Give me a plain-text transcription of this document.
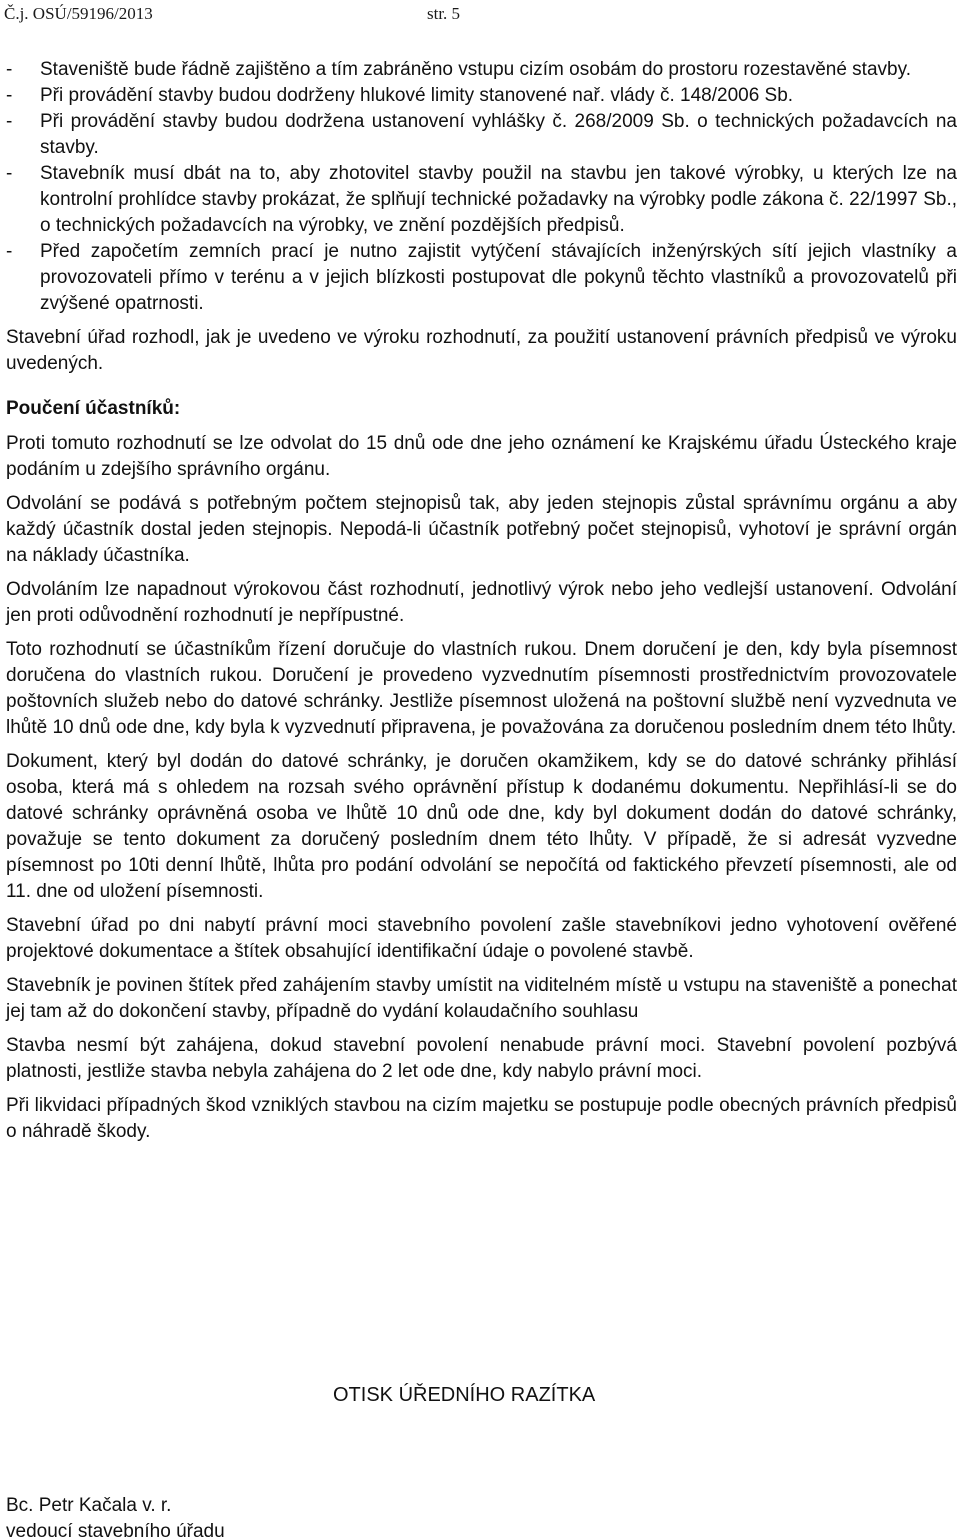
Č.j. OSÚ/59196/2013	str. 5
- Staveniště bude řádně zajištěno a tím zabráněno vstupu cizím osobám do prostoru rozestavěné stavby.
- Při provádění stavby budou dodrženy hlukové limity stanovené nař. vlády č. 148/2006 Sb.
- Při provádění stavby budou dodržena ustanovení vyhlášky č. 268/2009 Sb. o technických požadavcích na stavby.
- Stavebník musí dbát na to, aby zhotovitel stavby použil na stavbu jen takové výrobky, u kterých lze na kontrolní prohlídce stavby prokázat, že splňují technické požadavky na výrobky podle zákona č. 22/1997 Sb., o technických požadavcích na výrobky, ve znění pozdějších předpisů.
- Před započetím zemních prací je nutno zajistit vytýčení stávajících inženýrských sítí jejich vlastníky a provozovateli přímo v terénu a v jejich blízkosti postupovat dle pokynů těchto vlastníků a provozovatelů při zvýšené opatrnosti.

Stavební úřad rozhodl, jak je uvedeno ve výroku rozhodnutí, za použití ustanovení právních předpisů ve výroku uvedených.

Poučení účastníků:

Proti tomuto rozhodnutí se lze odvolat do 15 dnů ode dne jeho oznámení ke Krajskému úřadu Ústeckého kraje podáním u zdejšího správního orgánu.

Odvolání se podává s potřebným počtem stejnopisů tak, aby jeden stejnopis zůstal správnímu orgánu a aby každý účastník dostal jeden stejnopis. Nepodá-li účastník potřebný počet stejnopisů, vyhotoví je správní orgán na náklady účastníka.

Odvoláním lze napadnout výrokovou část rozhodnutí, jednotlivý výrok nebo jeho vedlejší ustanovení. Odvolání jen proti odůvodnění rozhodnutí je nepřípustné.

Toto rozhodnutí se účastníkům řízení doručuje do vlastních rukou. Dnem doručení je den, kdy byla písemnost doručena do vlastních rukou. Doručení je provedeno vyzvednutím písemnosti prostřednictvím provozovatele poštovních služeb nebo do datové schránky. Jestliže písemnost uložená na poštovní službě není vyzvednuta ve lhůtě 10 dnů ode dne, kdy byla k vyzvednutí připravena, je považována za doručenou posledním dnem této lhůty.

Dokument, který byl dodán do datové schránky, je doručen okamžikem, kdy se do datové schránky přihlásí osoba, která má s ohledem na rozsah svého oprávnění přístup k dodanému dokumentu. Nepřihlásí-li se do datové schránky oprávněná osoba ve lhůtě 10 dnů ode dne, kdy byl dokument dodán do datové schránky, považuje se tento dokument za doručený posledním dnem této lhůty. V případě, že si adresát vyzvedne písemnost po 10ti denní lhůtě, lhůta pro podání odvolání se nepočítá od faktického převzetí písemnosti, ale od 11. dne od uložení písemnosti.

Stavební úřad po dni nabytí právní moci stavebního povolení zašle stavebníkovi jedno vyhotovení ověřené projektové dokumentace a štítek obsahující identifikační údaje o povolené stavbě.

Stavebník je povinen štítek před zahájením stavby umístit na viditelném místě u vstupu na staveniště a ponechat jej tam až do dokončení stavby, případně do vydání kolaudačního souhlasu

Stavba nesmí být zahájena, dokud stavební povolení nenabude právní moci. Stavební povolení pozbývá platnosti, jestliže stavba nebyla zahájena do 2 let ode dne, kdy nabylo právní moci.

Při likvidaci případných škod vzniklých stavbou na cizím majetku se postupuje podle obecných právních předpisů o náhradě škody.

OTISK ÚŘEDNÍHO RAZÍTKA
Bc. Petr Kačala v. r.
vedoucí stavebního úřadu
